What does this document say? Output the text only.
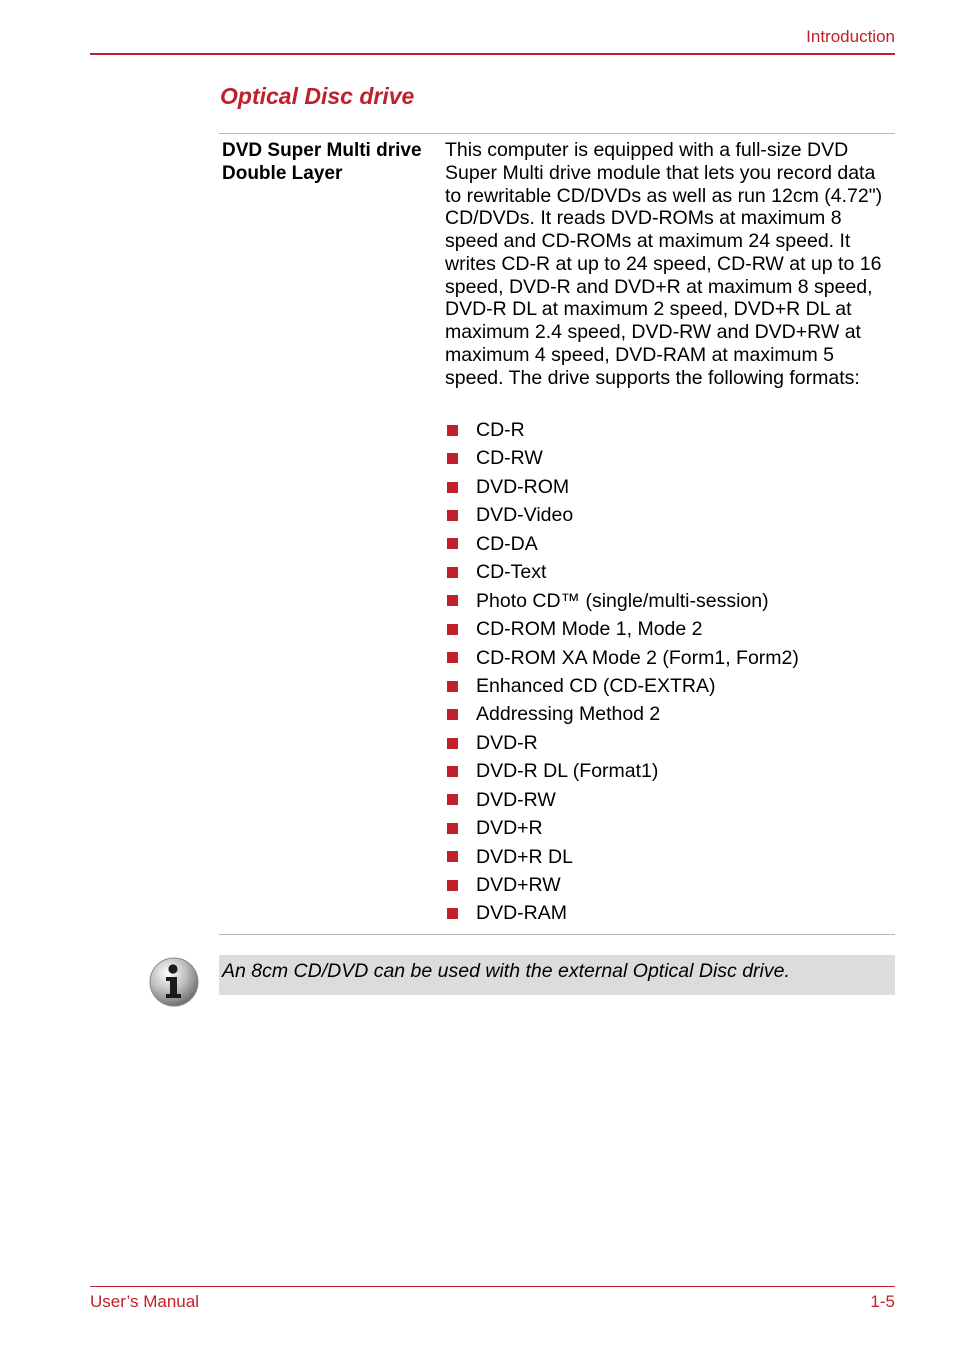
Introduction
Optical Disc drive
DVD Super Multi drive Double Layer
This computer is equipped with a full-size DVD Super Multi drive module that lets you record data to rewritable CD/DVDs as well as run 12cm (4.72") CD/DVDs. It reads DVD-ROMs at maximum 8 speed and CD-ROMs at maximum 24 speed. It writes CD-R at up to 24 speed, CD-RW at up to 16 speed, DVD-R and DVD+R at maximum 8 speed, DVD-R DL at maximum 2 speed, DVD+R DL at maximum 2.4 speed, DVD-RW and DVD+RW at maximum 4 speed, DVD-RAM at maximum 5 speed. The drive supports the following formats:
CD-R
CD-RW
DVD-ROM
DVD-Video
CD-DA
CD-Text
Photo CD™ (single/multi-session)
CD-ROM Mode 1, Mode 2
CD-ROM XA Mode 2 (Form1, Form2)
Enhanced CD (CD-EXTRA)
Addressing Method 2
DVD-R
DVD-R DL (Format1)
DVD-RW
DVD+R
DVD+R DL
DVD+RW
DVD-RAM
An 8cm CD/DVD can be used with the external Optical Disc drive.
User’s Manual	1-5
